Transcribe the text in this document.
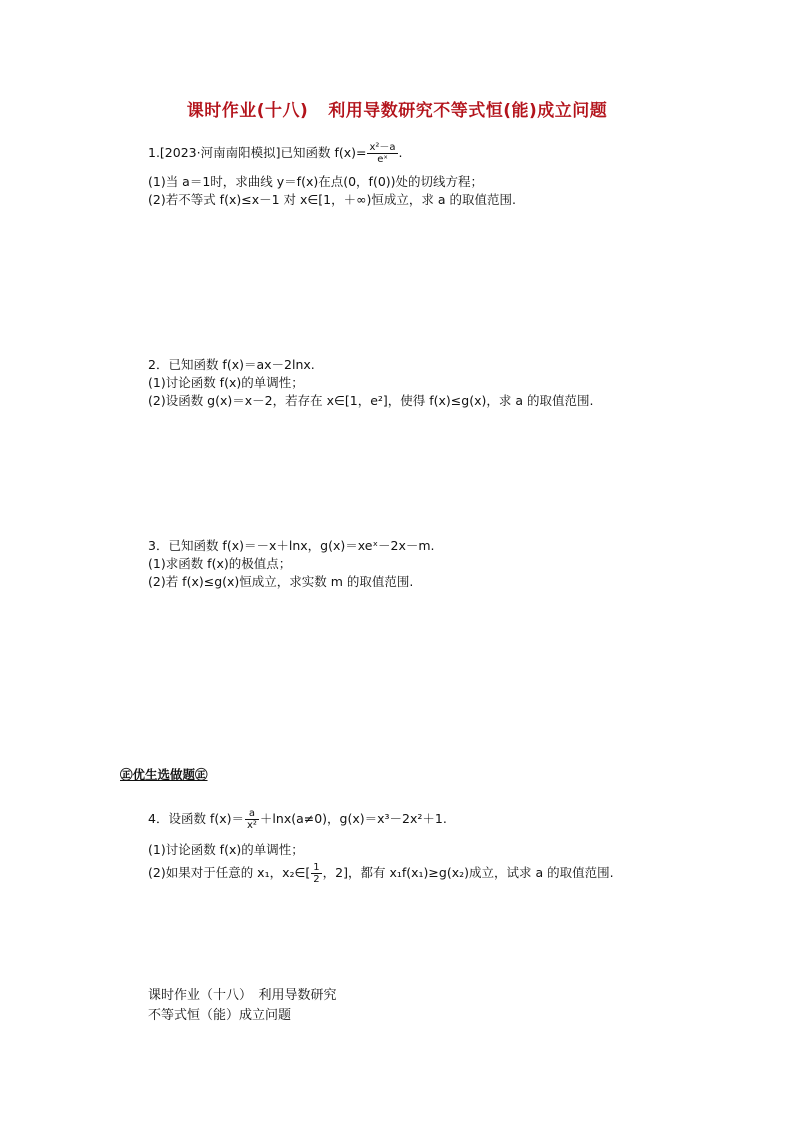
课时作业(十八) 利用导数研究不等式恒(能)成立问题
1.[2023·河南南阳模拟]已知函数 $f(x)= \frac{\text{x²－a}}{\text{eˣ}}$ .
(1)当 a＝1时，求曲线 y＝f(x)在点(0，f(0))处的切线方程；
(2)若不等式 f(x)≤x－1 对 x∈[1，＋∞)恒成立，求 a 的取值范围.
2．已知函数 f(x)＝ax－2lnx.
(1)讨论函数 f(x)的单调性；
(2)设函数 g(x)＝x－2，若存在 x∈[1，e²]，使得 f(x)≤g(x)，求 a 的取值范围.
3．已知函数 f(x)＝－x＋lnx，g(x)＝xeˣ－2x－m.
(1)求函数 f(x)的极值点；
(2)若 f(x)≤g(x)恒成立，求实数 m 的取值范围.
㊣优生选做题㊣
4．设函数 $f(x)= \frac{a}{\text{x²}} +\ln x(a\ne 0)$，g(x)＝x³－2x²＋1.
(1)讨论函数 f(x)的单调性；
(2)如果对于任意的 x₁，x₂∈[ $\frac{1}{2}$ ，2]，都有 x₁f(x₁)≥g(x₂)成立，试求 a 的取值范围.
课时作业（十八）　利用导数研究
不等式恒（能）成立问题
